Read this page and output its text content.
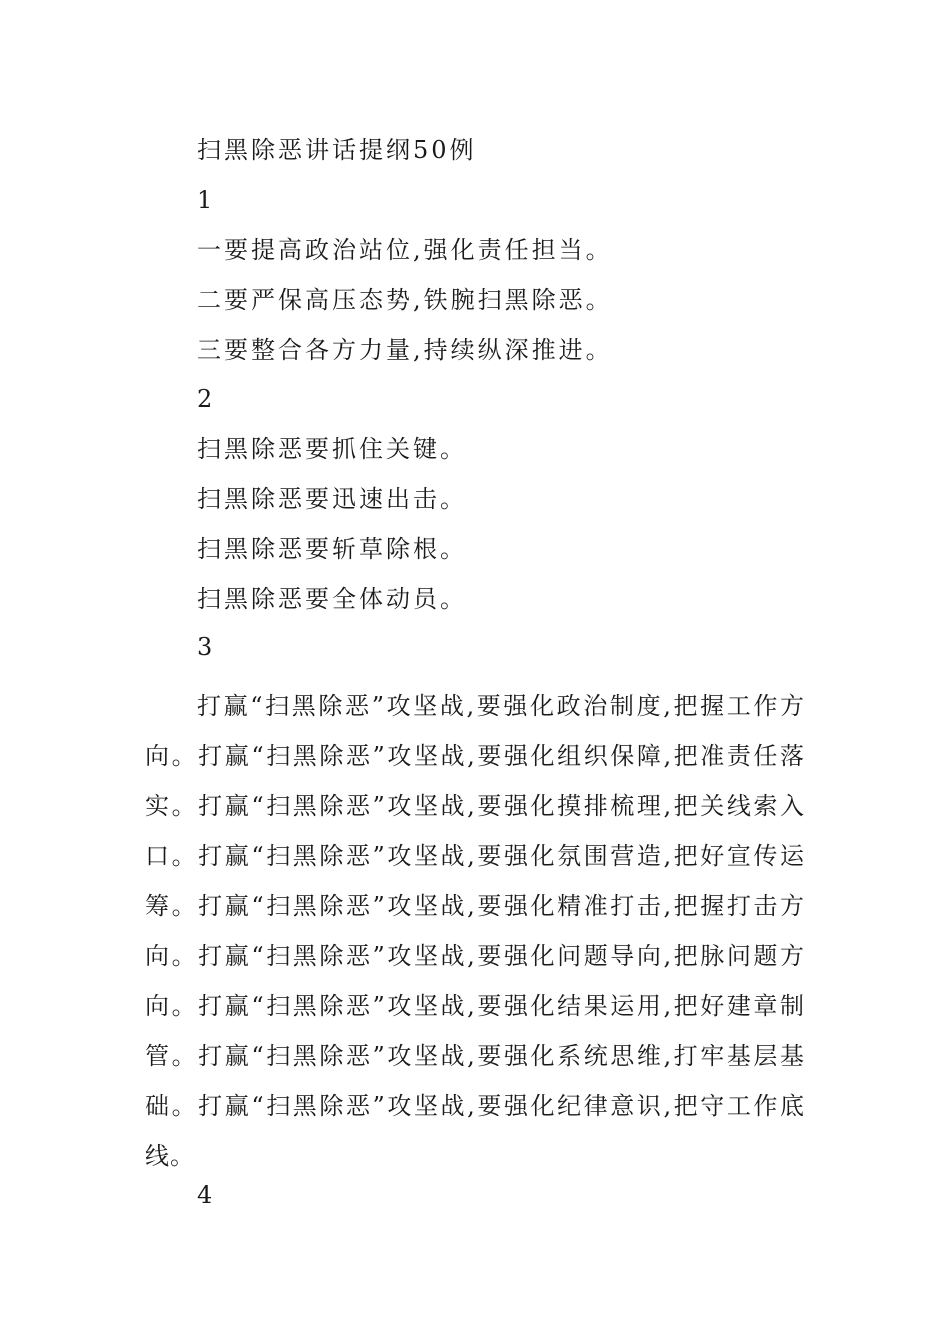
扫黑除恶讲话提纲50例
1
一要提高政治站位,强化责任担当。
二要严保高压态势,铁腕扫黑除恶。
三要整合各方力量,持续纵深推进。
2
扫黑除恶要抓住关键。
扫黑除恶要迅速出击。
扫黑除恶要斩草除根。
扫黑除恶要全体动员。
3

打赢“扫黑除恶”攻坚战,要强化政治制度,把握工作方向。打赢“扫黑除恶”攻坚战,要强化组织保障,把准责任落实。打赢“扫黑除恶”攻坚战,要强化摸排梳理,把关线索入口。打赢“扫黑除恶”攻坚战,要强化氛围营造,把好宣传运筹。打赢“扫黑除恶”攻坚战,要强化精准打击,把握打击方向。打赢“扫黑除恶”攻坚战,要强化问题导向,把脉问题方向。打赢“扫黑除恶”攻坚战,要强化结果运用,把好建章制管。打赢“扫黑除恶”攻坚战,要强化系统思维,打牢基层基础。打赢“扫黑除恶”攻坚战,要强化纪律意识,把守工作底线。

4
